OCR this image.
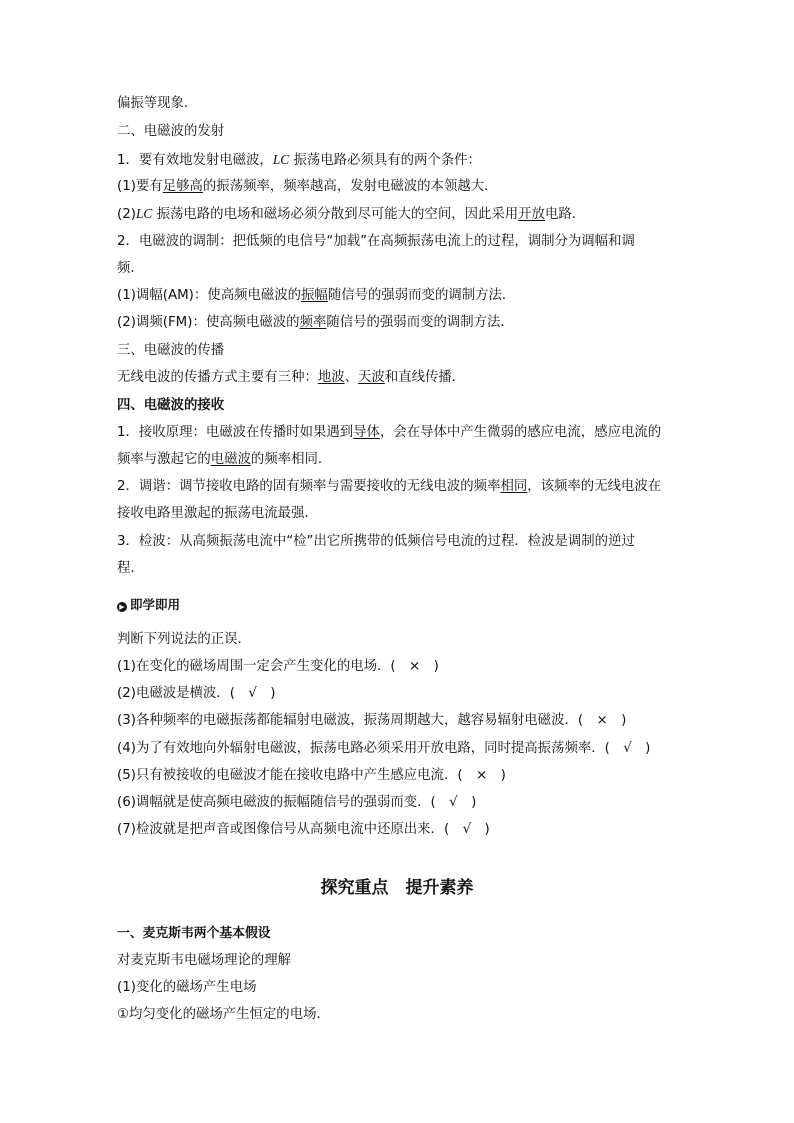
偏振等现象．
二、电磁波的发射
1．要有效地发射电磁波，LC 振荡电路必须具有的两个条件：
(1)要有足够高的振荡频率，频率越高，发射电磁波的本领越大．
(2)LC 振荡电路的电场和磁场必须分散到尽可能大的空间，因此采用开放电路．
2．电磁波的调制：把低频的电信号“加载”在高频振荡电流上的过程，调制分为调幅和调
频．
(1)调幅(AM)：使高频电磁波的振幅随信号的强弱而变的调制方法．
(2)调频(FM)：使高频电磁波的频率随信号的强弱而变的调制方法．
三、电磁波的传播
无线电波的传播方式主要有三种：地波、天波和直线传播．
四、电磁波的接收
1．接收原理：电磁波在传播时如果遇到导体，会在导体中产生微弱的感应电流，感应电流的
频率与激起它的电磁波的频率相同．
2．调谐：调节接收电路的固有频率与需要接收的无线电波的频率相同，该频率的无线电波在
接收电路里激起的振荡电流最强．
3．检波：从高频振荡电流中“检”出它所携带的低频信号电流的过程．检波是调制的逆过
程．
▶ 即学即用
判断下列说法的正误．
(1)在变化的磁场周围一定会产生变化的电场．(　×　)
(2)电磁波是横波．(　√　)
(3)各种频率的电磁振荡都能辐射电磁波，振荡周期越大，越容易辐射电磁波．(　×　)
(4)为了有效地向外辐射电磁波，振荡电路必须采用开放电路，同时提高振荡频率．(　√　)
(5)只有被接收的电磁波才能在接收电路中产生感应电流．(　×　)
(6)调幅就是使高频电磁波的振幅随信号的强弱而变．(　√　)
(7)检波就是把声音或图像信号从高频电流中还原出来．(　√　)
探究重点　提升素养
一、麦克斯韦两个基本假设
对麦克斯韦电磁场理论的理解
(1)变化的磁场产生电场
①均匀变化的磁场产生恒定的电场．
